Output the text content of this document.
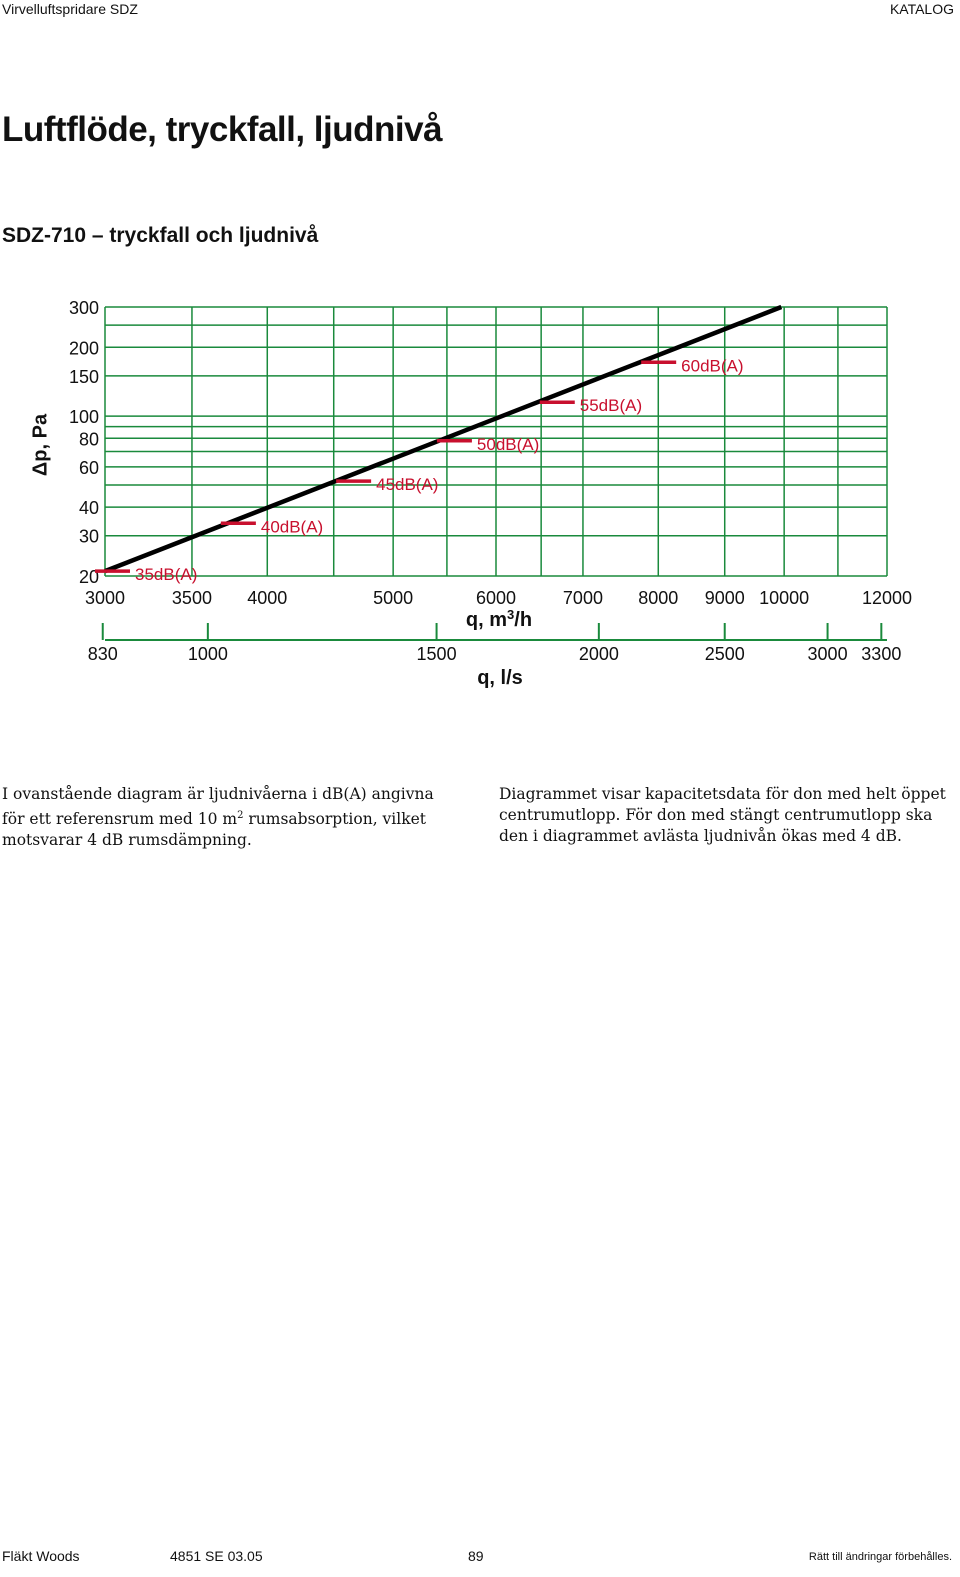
Virvelluftspridare SDZ	KATALOG
Luftflöde, tryckfall, ljudnivå
SDZ-710 – tryckfall och ljudnivå
Δp, Pa
20
30
40
60
80
100
150
200
300
3000	3500 4000	5000	6000	7000 8000 9000 10000	12000
830	1000	1500	2000	2500	3000 3300
q, $m^3/h$
q, l/s
35dB(A)
40dB(A)
45dB(A)
50dB(A)
55dB(A)
60dB(A)

I ovanstående diagram är ljudnivåerna i dB(A) angivna för ett referensrum med 10 $m^2$ rumsabsorption, vilket motsvarar 4 dB rumsdämpning.

Diagrammet visar kapacitetsdata för don med helt öppet centrumutlopp. För don med stängt centrumutlopp ska den i diagrammet avlästa ljudnivån ökas med 4 dB.

Fläkt Woods	4851 SE 03.05	89	Rätt till ändringar förbehålles.
